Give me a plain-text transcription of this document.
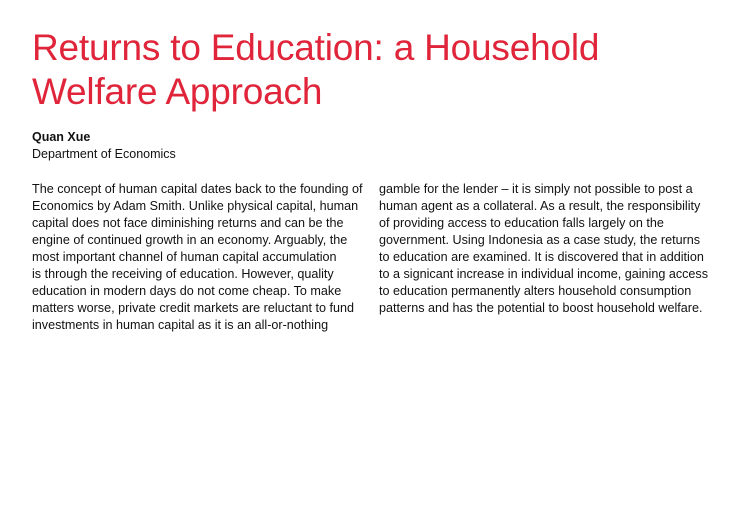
Returns to Education: a Household
Welfare Approach
Quan Xue
Department of Economics
The concept of human capital dates back to the founding of
Economics by Adam Smith. Unlike physical capital, human
capital does not face diminishing returns and can be the
engine of continued growth in an economy. Arguably, the
most important channel of human capital accumulation
is through the receiving of education. However, quality
education in modern days do not come cheap. To make
matters worse, private credit markets are reluctant to fund
investments in human capital as it is an all-or-nothing
gamble for the lender – it is simply not possible to post a
human agent as a collateral. As a result, the responsibility
of providing access to education falls largely on the
government. Using Indonesia as a case study, the returns
to education are examined. It is discovered that in addition
to a signicant increase in individual income, gaining access
to education permanently alters household consumption
patterns and has the potential to boost household welfare.
